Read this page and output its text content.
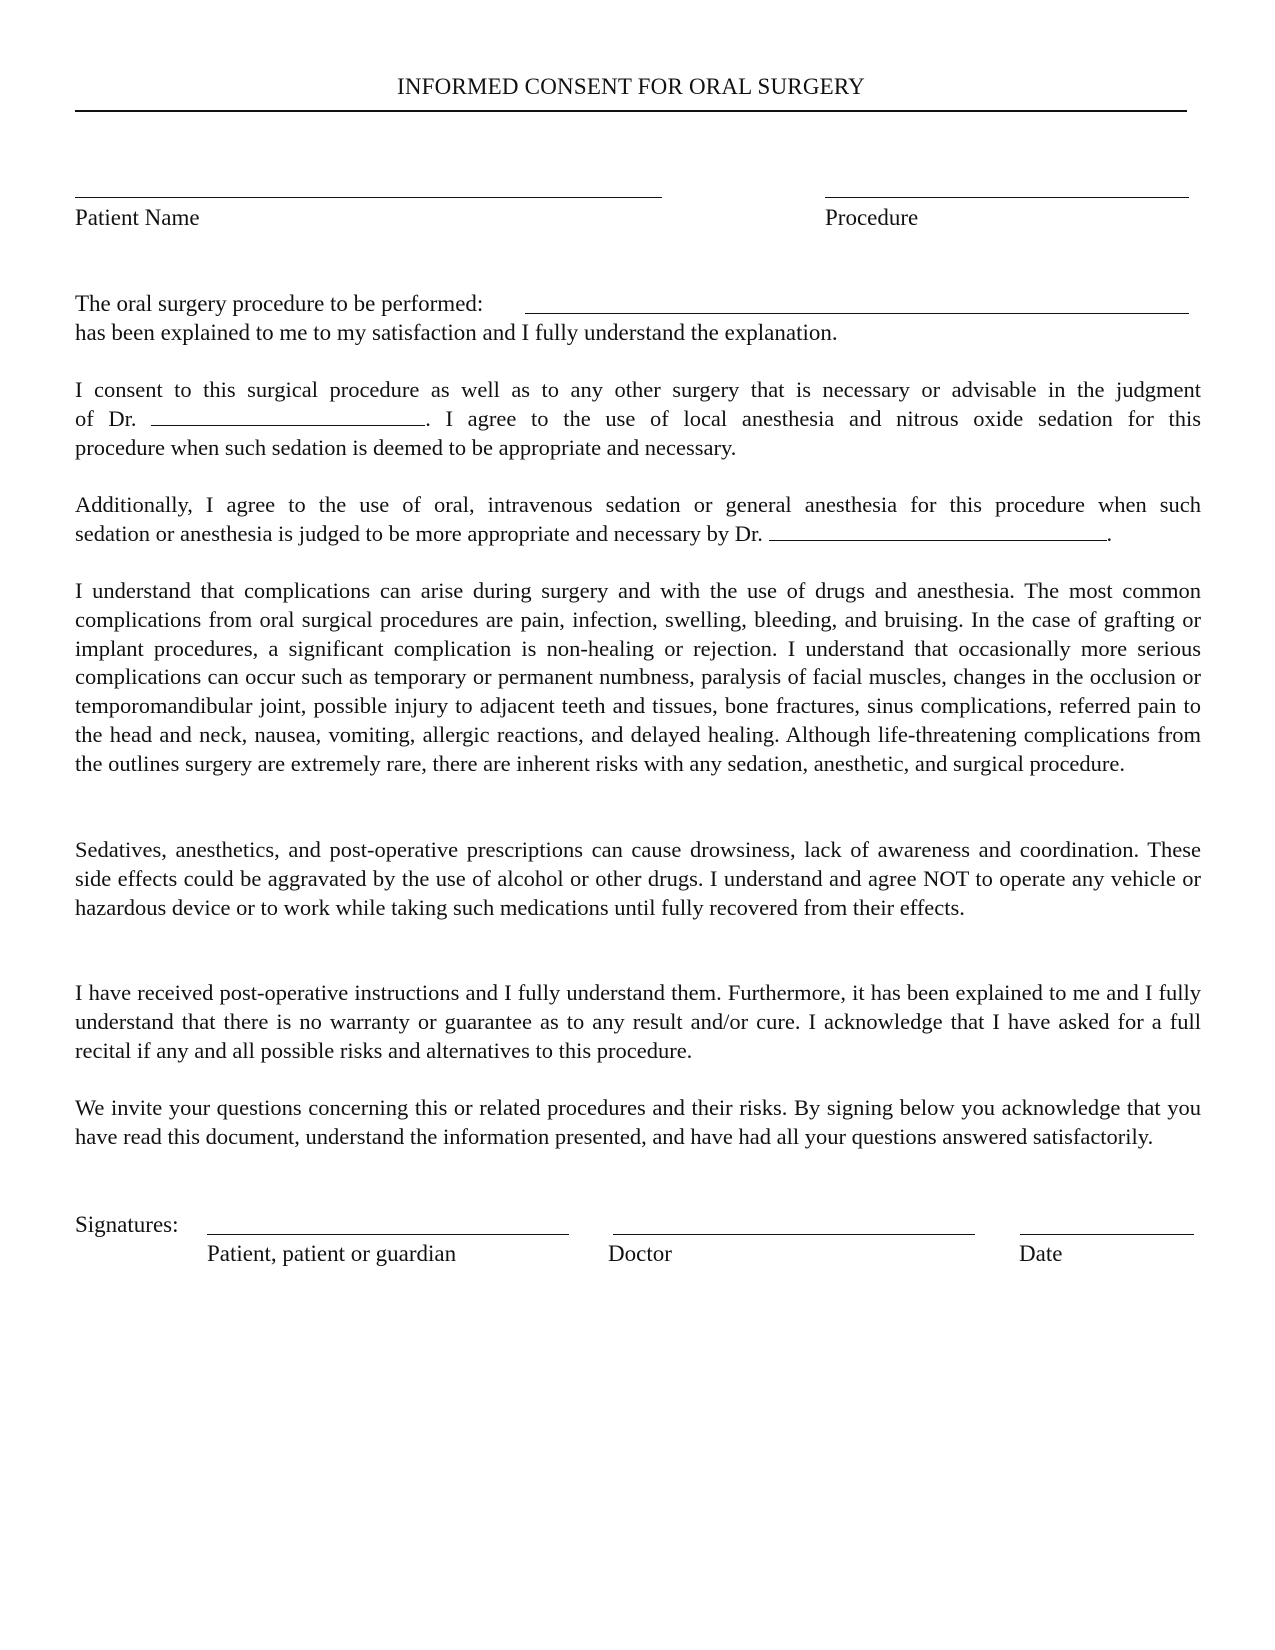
INFORMED CONSENT FOR ORAL SURGERY
Patient Name	Procedure
The oral surgery procedure to be performed:
has been explained to me to my satisfaction and I fully understand the explanation.
I consent to this surgical procedure as well as to any other surgery that is necessary or advisable in the judgment
of Dr.	. I agree to the use of local anesthesia and nitrous oxide sedation for this
procedure when such sedation is deemed to be appropriate and necessary.
Additionally, I agree to the use of oral, intravenous sedation or general anesthesia for this procedure when such
sedation or anesthesia is judged to be more appropriate and necessary by Dr.	.

I understand that complications can arise during surgery and with the use of drugs and anesthesia. The most common complications from oral surgical procedures are pain, infection, swelling, bleeding, and bruising. In the case of grafting or implant procedures, a significant complication is non-healing or rejection. I understand that occasionally more serious complications can occur such as temporary or permanent numbness, paralysis of facial muscles, changes in the occlusion or temporomandibular joint, possible injury to adjacent teeth and tissues, bone fractures, sinus complications, referred pain to the head and neck, nausea, vomiting, allergic reactions, and delayed healing. Although life-threatening complications from the outlines surgery are extremely rare, there are inherent risks with any sedation, anesthetic, and surgical procedure.

Sedatives, anesthetics, and post-operative prescriptions can cause drowsiness, lack of awareness and coordination. These side effects could be aggravated by the use of alcohol or other drugs. I understand and agree NOT to operate any vehicle or hazardous device or to work while taking such medications until fully recovered from their effects.

I have received post-operative instructions and I fully understand them. Furthermore, it has been explained to me and I fully understand that there is no warranty or guarantee as to any result and/or cure. I acknowledge that I have asked for a full recital if any and all possible risks and alternatives to this procedure.

We invite your questions concerning this or related procedures and their risks. By signing below you acknowledge that you have read this document, understand the information presented, and have had all your questions answered satisfactorily.

Signatures:
Patient, patient or guardian	Doctor	Date
